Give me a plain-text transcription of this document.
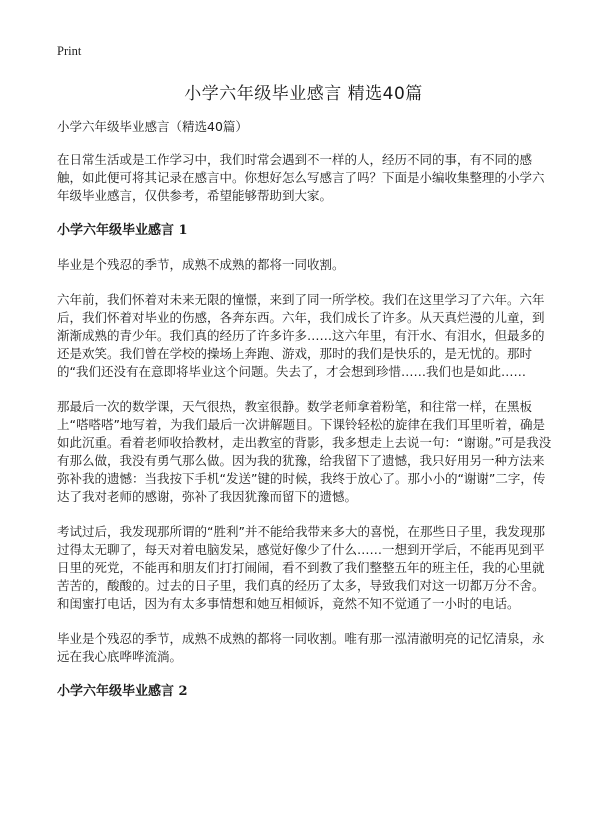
Print
小学六年级毕业感言 精选40篇
小学六年级毕业感言（精选40篇）

在日常生活或是工作学习中，我们时常会遇到不一样的人，经历不同的事，有不同的感触，如此便可将其记录在感言中。你想好怎么写感言了吗？下面是小编收集整理的小学六年级毕业感言，仅供参考，希望能够帮助到大家。

小学六年级毕业感言 1

毕业是个残忍的季节，成熟不成熟的都将一同收割。

六年前，我们怀着对未来无限的憧憬，来到了同一所学校。我们在这里学习了六年。六年后，我们怀着对毕业的伤感，各奔东西。六年，我们成长了许多。从天真烂漫的儿童，到渐渐成熟的青少年。我们真的经历了许多许多……这六年里，有汗水、有泪水，但最多的还是欢笑。我们曾在学校的操场上奔跑、游戏，那时的我们是快乐的，是无忧的。那时的“我们还没有在意即将毕业这个问题。失去了，才会想到珍惜……我们也是如此……

那最后一次的数学课，天气很热，教室很静。数学老师拿着粉笔，和往常一样，在黑板上“嗒嗒嗒”地写着，为我们最后一次讲解题目。下课铃轻松的旋律在我们耳里听着，确是如此沉重。看着老师收拾教材，走出教室的背影，我多想走上去说一句：“谢谢。”可是我没有那么做，我没有勇气那么做。因为我的犹豫，给我留下了遗憾，我只好用另一种方法来弥补我的遗憾：当我按下手机“发送”键的时候，我终于放心了。那小小的“谢谢”二字，传达了我对老师的感谢，弥补了我因犹豫而留下的遗憾。

考试过后，我发现那所谓的“胜利”并不能给我带来多大的喜悦，在那些日子里，我发现那过得太无聊了，每天对着电脑发呆，感觉好像少了什么……一想到开学后，不能再见到平日里的死党，不能再和朋友们打打闹闹，看不到教了我们整整五年的班主任，我的心里就苦苦的，酸酸的。过去的日子里，我们真的经历了太多，导致我们对这一切都万分不舍。和闺蜜打电话，因为有太多事情想和她互相倾诉，竟然不知不觉通了一小时的电话。

毕业是个残忍的季节，成熟不成熟的都将一同收割。唯有那一泓清澈明亮的记忆清泉，永远在我心底哗哗流淌。

小学六年级毕业感言 2
